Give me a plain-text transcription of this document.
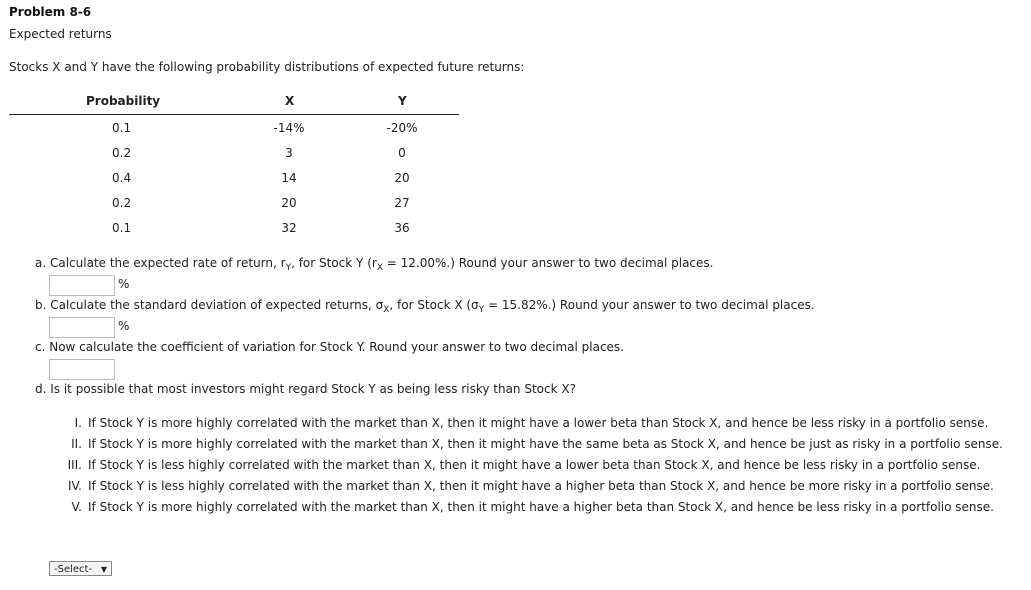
Problem 8-6
Expected returns
Stocks X and Y have the following probability distributions of expected future returns:
Probability	X	Y
0.1	-14%	-20%
0.2	3	0
0.4	14	20
0.2	20	27
0.1	32	36
a. Calculate the expected rate of return, $r_Y$, for Stock Y $(r_X = 12.00\%.)$ Round your answer to two decimal places.
%
b. Calculate the standard deviation of expected returns, $\sigma_X$, for Stock X $(\sigma_Y = 15.82\%.)$ Round your answer to two decimal places.
%
c. Now calculate the coefficient of variation for Stock Y. Round your answer to two decimal places.
d. Is it possible that most investors might regard Stock Y as being less risky than Stock X?
I. If Stock Y is more highly correlated with the market than X, then it might have a lower beta than Stock X, and hence be less risky in a portfolio sense.
II. If Stock Y is more highly correlated with the market than X, then it might have the same beta as Stock X, and hence be just as risky in a portfolio sense.
III. If Stock Y is less highly correlated with the market than X, then it might have a lower beta than Stock X, and hence be less risky in a portfolio sense.
IV. If Stock Y is less highly correlated with the market than X, then it might have a higher beta than Stock X, and hence be more risky in a portfolio sense.
V. If Stock Y is more highly correlated with the market than X, then it might have a higher beta than Stock X, and hence be less risky in a portfolio sense.
-Select- ▼
